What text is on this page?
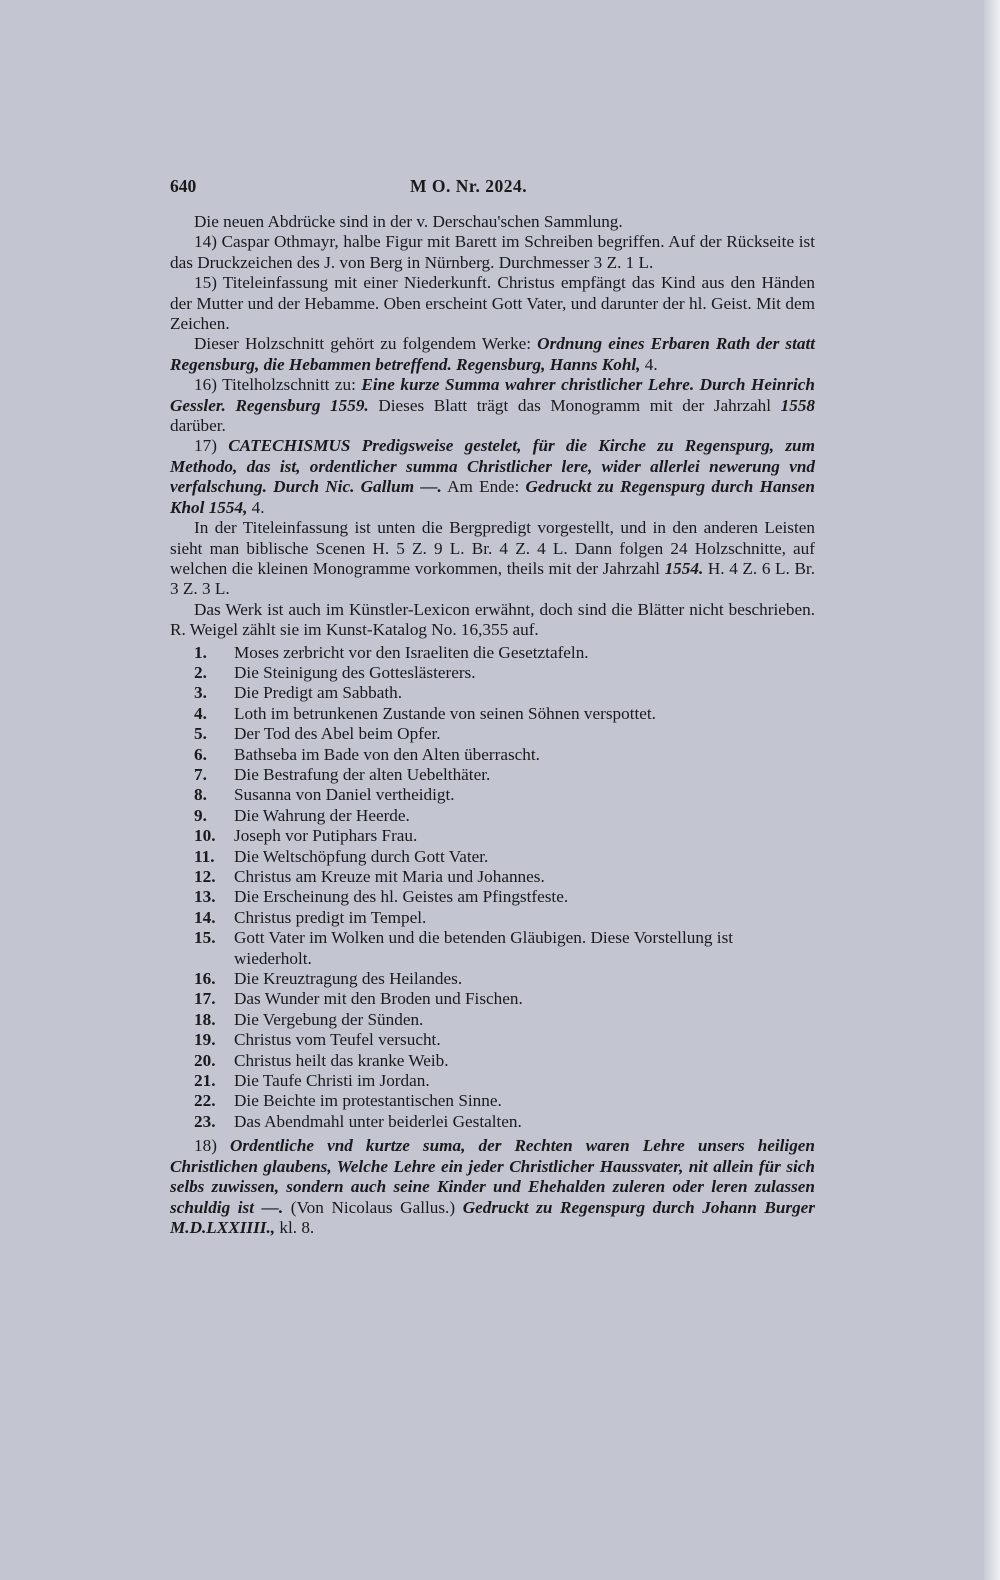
640	M O. Nr. 2024.

Die neuen Abdrücke sind in der v. Derschau'schen Sammlung.

14) Caspar Othmayr, halbe Figur mit Barett im Schreiben begriffen. Auf der Rückseite ist das Druckzeichen des J. von Berg in Nürnberg. Durchmesser 3 Z. 1 L.

15) Titeleinfassung mit einer Niederkunft. Christus empfängt das Kind aus den Händen der Mutter und der Hebamme. Oben erscheint Gott Vater, und darunter der hl. Geist. Mit dem Zeichen.

Dieser Holzschnitt gehört zu folgendem Werke: Ordnung eines Erbaren Rath der statt Regensburg, die Hebammen betreffend. Regensburg, Hanns Kohl, 4.

16) Titelholzschnitt zu: Eine kurze Summa wahrer christlicher Lehre. Durch Heinrich Gessler. Regensburg 1559. Dieses Blatt trägt das Monogramm mit der Jahrzahl 1558 darüber.

17) CATECHISMUS Predigsweise gestelet, für die Kirche zu Regenspurg, zum Methodo, das ist, ordentlicher summa Christlicher lere, wider allerlei newerung vnd verfalschung. Durch Nic. Gallum —. Am Ende: Gedruckt zu Regenspurg durch Hansen Khol 1554, 4.

In der Titeleinfassung ist unten die Bergpredigt vorgestellt, und in den anderen Leisten sieht man biblische Scenen H. 5 Z. 9 L. Br. 4 Z. 4 L. Dann folgen 24 Holzschnitte, auf welchen die kleinen Monogramme vorkommen, theils mit der Jahrzahl 1554. H. 4 Z. 6 L. Br. 3 Z. 3 L.

Das Werk ist auch im Künstler-Lexicon erwähnt, doch sind die Blätter nicht beschrieben. R. Weigel zählt sie im Kunst-Katalog No. 16,355 auf.

1.	Moses zerbricht vor den Israeliten die Gesetztafeln.
2.	Die Steinigung des Gotteslästerers.
3.	Die Predigt am Sabbath.
4.	Loth im betrunkenen Zustande von seinen Söhnen verspottet.
5.	Der Tod des Abel beim Opfer.
6.	Bathseba im Bade von den Alten überrascht.
7.	Die Bestrafung der alten Uebelthäter.
8.	Susanna von Daniel vertheidigt.
9.	Die Wahrung der Heerde.
10.	Joseph vor Putiphars Frau.
11.	Die Weltschöpfung durch Gott Vater.
12.	Christus am Kreuze mit Maria und Johannes.
13.	Die Erscheinung des hl. Geistes am Pfingstfeste.
14.	Christus predigt im Tempel.
15.	Gott Vater im Wolken und die betenden Gläubigen. Diese Vorstellung ist wiederholt.
16.	Die Kreuztragung des Heilandes.
17.	Das Wunder mit den Broden und Fischen.
18.	Die Vergebung der Sünden.
19.	Christus vom Teufel versucht.
20.	Christus heilt das kranke Weib.
21.	Die Taufe Christi im Jordan.
22.	Die Beichte im protestantischen Sinne.
23.	Das Abendmahl unter beiderlei Gestalten.

18) Ordentliche vnd kurtze suma, der Rechten waren Lehre unsers heiligen Christlichen glaubens, Welche Lehre ein jeder Christlicher Haussvater, nit allein für sich selbs zuwissen, sondern auch seine Kinder und Ehehalden zuleren oder leren zulassen schuldig ist —. (Von Nicolaus Gallus.) Gedruckt zu Regenspurg durch Johann Burger M.D.LXXIIII., kl. 8.
